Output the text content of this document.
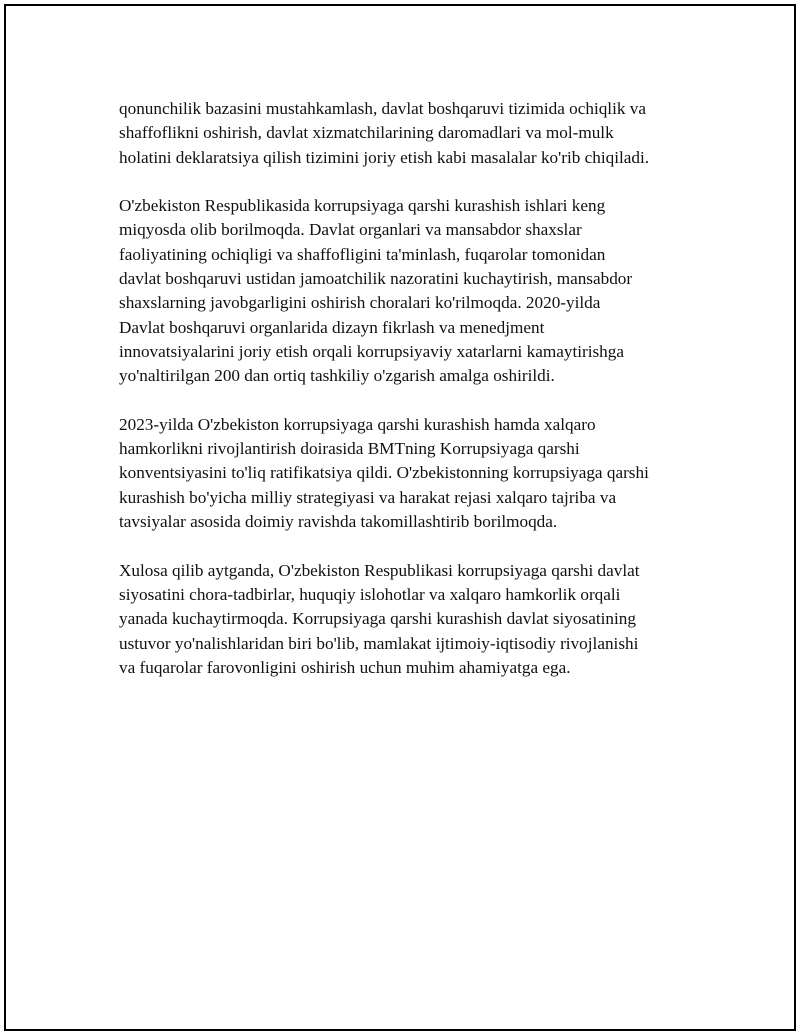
qonunchilik bazasini mustahkamlash, davlat boshqaruvi tizimida ochiqlik va
shaffoflikni oshirish, davlat xizmatchilarining daromadlari va mol-mulk
holatini deklaratsiya qilish tizimini joriy etish kabi masalalar ko'rib chiqiladi.

O'zbekiston Respublikasida korrupsiyaga qarshi kurashish ishlari keng
miqyosda olib borilmoqda. Davlat organlari va mansabdor shaxslar
faoliyatining ochiqligi va shaffofligini ta'minlash, fuqarolar tomonidan
davlat boshqaruvi ustidan jamoatchilik nazoratini kuchaytirish, mansabdor
shaxslarning javobgarligini oshirish choralari ko'rilmoqda. 2020-yilda
Davlat boshqaruvi organlarida dizayn fikrlash va menedjment
innovatsiyalarini joriy etish orqali korrupsiyaviy xatarlarni kamaytirishga
yo'naltirilgan 200 dan ortiq tashkiliy o'zgarish amalga oshirildi.

2023-yilda O'zbekiston korrupsiyaga qarshi kurashish hamda xalqaro
hamkorlikni rivojlantirish doirasida BMTning Korrupsiyaga qarshi
konventsiyasini to'liq ratifikatsiya qildi. O'zbekistonning korrupsiyaga qarshi
kurashish bo'yicha milliy strategiyasi va harakat rejasi xalqaro tajriba va
tavsiyalar asosida doimiy ravishda takomillashtirib borilmoqda.

Xulosa qilib aytganda, O'zbekiston Respublikasi korrupsiyaga qarshi davlat
siyosatini chora-tadbirlar, huquqiy islohotlar va xalqaro hamkorlik orqali
yanada kuchaytirmoqda. Korrupsiyaga qarshi kurashish davlat siyosatining
ustuvor yo'nalishlaridan biri bo'lib, mamlakat ijtimoiy-iqtisodiy rivojlanishi
va fuqarolar farovonligini oshirish uchun muhim ahamiyatga ega.
